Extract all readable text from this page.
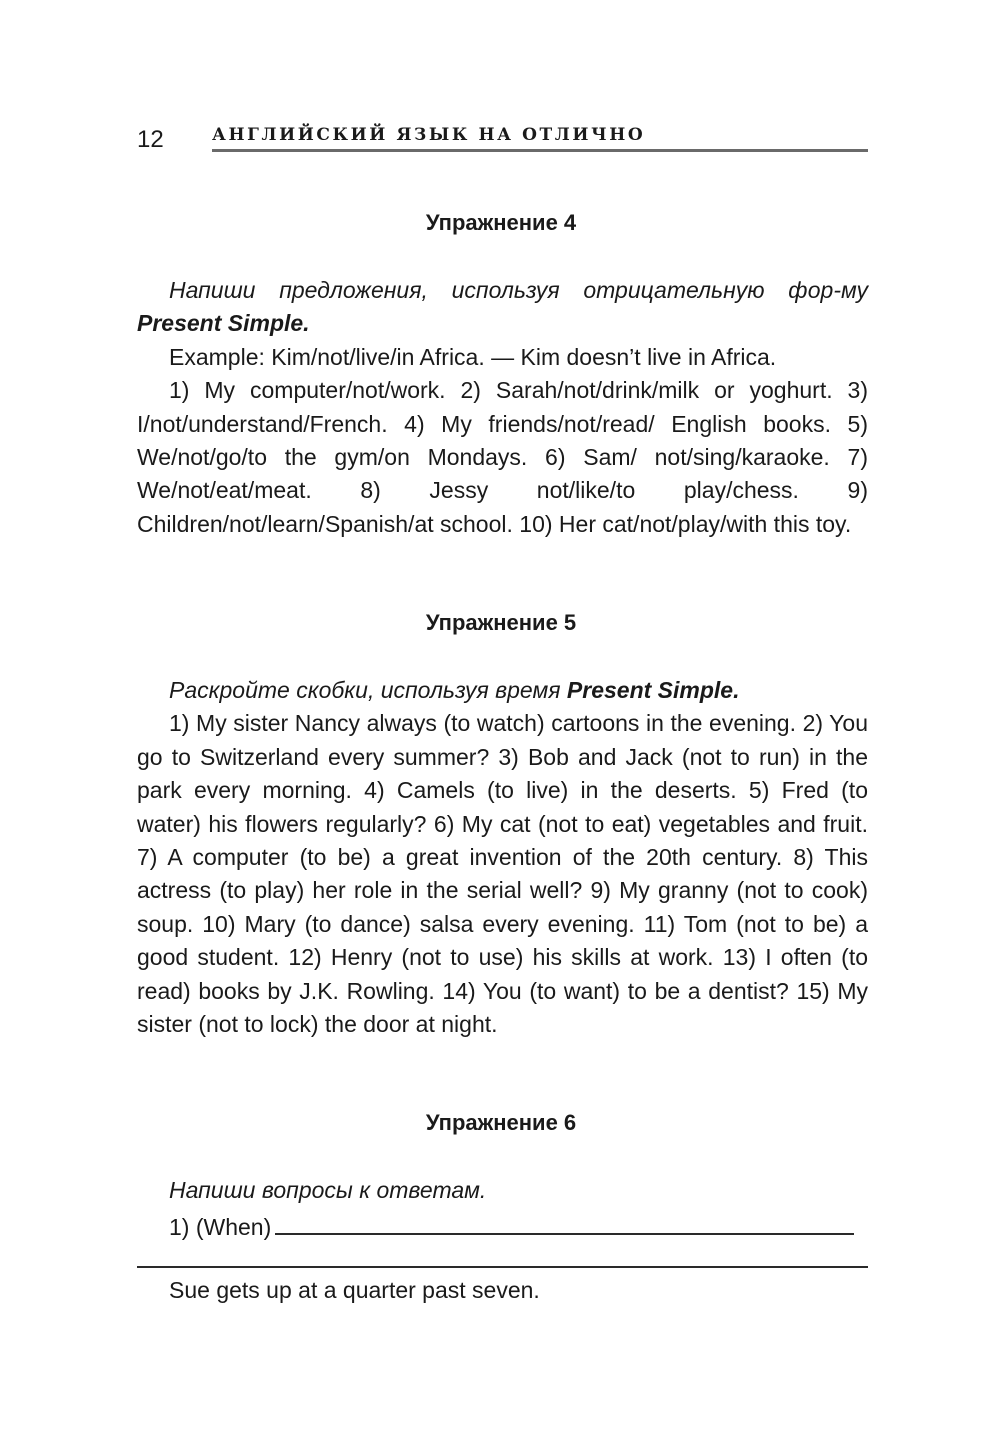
12	АНГЛИЙСКИЙ ЯЗЫК НА ОТЛИЧНО
Упражнение 4

Напиши предложения, используя отрицательную фор-му Present Simple.

Example: Kim/not/live/in Africa. — Kim doesn’t live in Africa.

1) My computer/not/work. 2) Sarah/not/drink/milk or yoghurt. 3) I/not/understand/French. 4) My friends/not/read/ English books. 5) We/not/go/to the gym/on Mondays. 6) Sam/ not/sing/karaoke. 7) We/not/eat/meat. 8) Jessy not/like/to play/chess. 9) Children/not/learn/Spanish/at school. 10) Her cat/not/play/with this toy.

Упражнение 5

Раскройте скобки, используя время Present Simple.

1) My sister Nancy always (to watch) cartoons in the evening. 2) You go to Switzerland every summer? 3) Bob and Jack (not to run) in the park every morning. 4) Camels (to live) in the deserts. 5) Fred (to water) his flowers regularly? 6) My cat (not to eat) vegetables and fruit. 7) A computer (to be) a great invention of the 20th century. 8) This actress (to play) her role in the serial well? 9) My granny (not to cook) soup. 10) Mary (to dance) salsa every evening. 11) Tom (not to be) a good student. 12) Henry (not to use) his skills at work. 13) I often (to read) books by J.K. Rowling. 14) You (to want) to be a dentist? 15) My sister (not to lock) the door at night.

Упражнение 6

Напиши вопросы к ответам.

1) (When)

Sue gets up at a quarter past seven.
